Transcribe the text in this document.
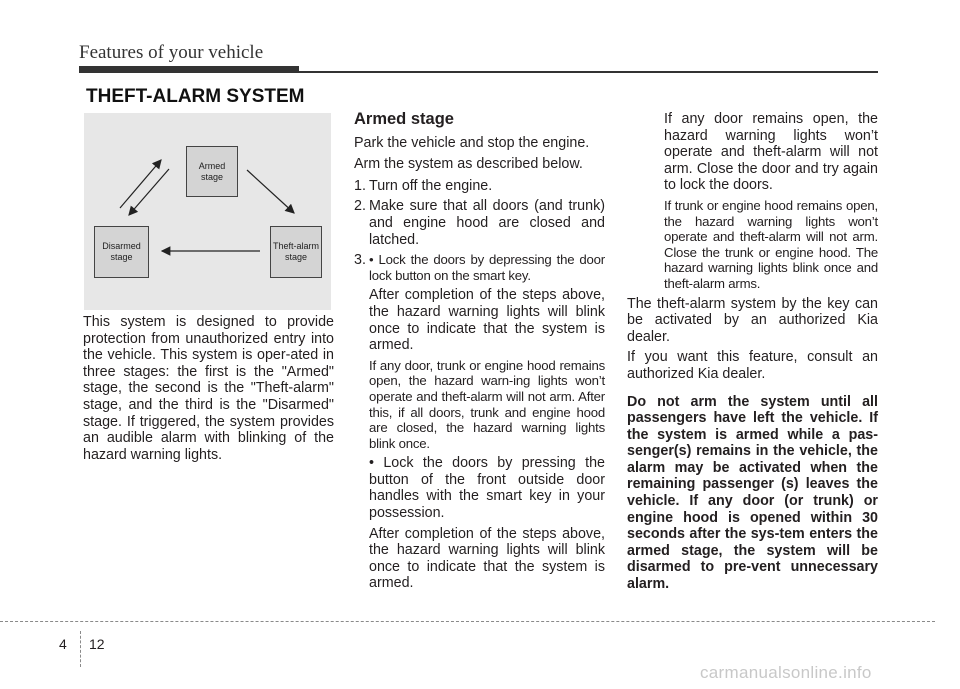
Features of your vehicle
THEFT-ALARM SYSTEM
Armed
stage
Disarmed
stage
Theft-alarm
stage

This system is designed to provide protection from unauthorized entry into the vehicle. This system is oper-ated in three stages: the first is the "Armed" stage, the second is the "Theft-alarm" stage, and the third is the "Disarmed" stage. If triggered, the system provides an audible alarm with blinking of the hazard warning lights.

Armed stage

Park the vehicle and stop the engine.

Arm the system as described below.

1. Turn off the engine.
2. Make sure that all doors (and trunk) and engine hood are closed and latched.
3. • Lock the doors by depressing the door lock button on the smart key.

After completion of the steps above, the hazard warning lights will blink once to indicate that the system is armed.

If any door, trunk or engine hood remains open, the hazard warn-ing lights won’t operate and theft-alarm will not arm. After this, if all doors, trunk and engine hood are closed, the hazard warning lights blink once.

• Lock the doors by pressing the button of the front outside door handles with the smart key in your possession.

After completion of the steps above, the hazard warning lights will blink once to indicate that the system is armed.

If any door remains open, the hazard warning lights won’t operate and theft-alarm will not arm. Close the door and try again to lock the doors.

If trunk or engine hood remains open, the hazard warning lights won’t operate and theft-alarm will not arm. Close the trunk or engine hood. The hazard warning lights blink once and theft-alarm arms.

The theft-alarm system by the key can be activated by an authorized Kia dealer.

If you want this feature, consult an authorized Kia dealer.

Do not arm the system until all passengers have left the vehicle. If the system is armed while a pas-senger(s) remains in the vehicle, the alarm may be activated when the remaining passenger (s) leaves the vehicle. If any door (or trunk) or engine hood is opened within 30 seconds after the sys-tem enters the armed stage, the system will be disarmed to pre-vent unnecessary alarm.

4 12
carmanualsonline.info
